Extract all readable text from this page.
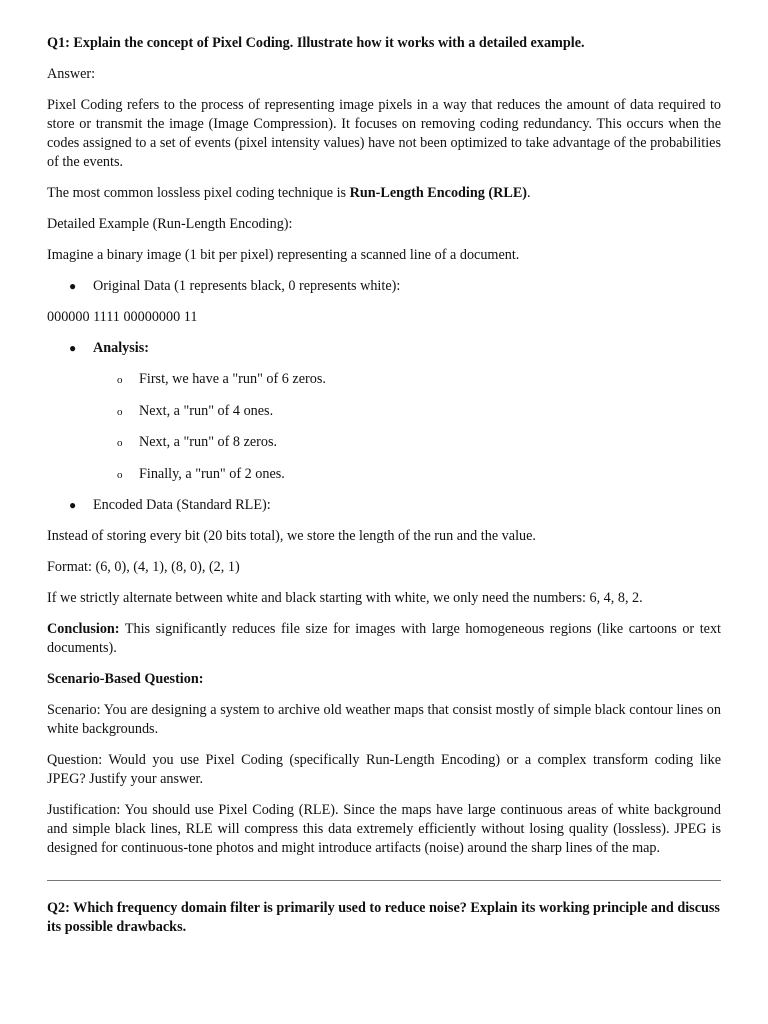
Q1: Explain the concept of Pixel Coding. Illustrate how it works with a detailed example.

Answer:

Pixel Coding refers to the process of representing image pixels in a way that reduces the amount of data required to store or transmit the image (Image Compression). It focuses on removing coding redundancy. This occurs when the codes assigned to a set of events (pixel intensity values) have not been optimized to take advantage of the probabilities of the events.

The most common lossless pixel coding technique is Run-Length Encoding (RLE).

Detailed Example (Run-Length Encoding):

Imagine a binary image (1 bit per pixel) representing a scanned line of a document.

● Original Data (1 represents black, 0 represents white):

000000 1111 00000000 11

● Analysis:
o First, we have a "run" of 6 zeros.
o Next, a "run" of 4 ones.
o Next, a "run" of 8 zeros.
o Finally, a "run" of 2 ones.
● Encoded Data (Standard RLE):

Instead of storing every bit (20 bits total), we store the length of the run and the value.

Format: (6, 0), (4, 1), (8, 0), (2, 1)

If we strictly alternate between white and black starting with white, we only need the numbers: 6, 4, 8, 2.

Conclusion: This significantly reduces file size for images with large homogeneous regions (like cartoons or text documents).

Scenario-Based Question:

Scenario: You are designing a system to archive old weather maps that consist mostly of simple black contour lines on white backgrounds.

Question: Would you use Pixel Coding (specifically Run-Length Encoding) or a complex transform coding like JPEG? Justify your answer.

Justification: You should use Pixel Coding (RLE). Since the maps have large continuous areas of white background and simple black lines, RLE will compress this data extremely efficiently without losing quality (lossless). JPEG is designed for continuous-tone photos and might introduce artifacts (noise) around the sharp lines of the map.

Q2: Which frequency domain filter is primarily used to reduce noise? Explain its working principle and discuss its possible drawbacks.
